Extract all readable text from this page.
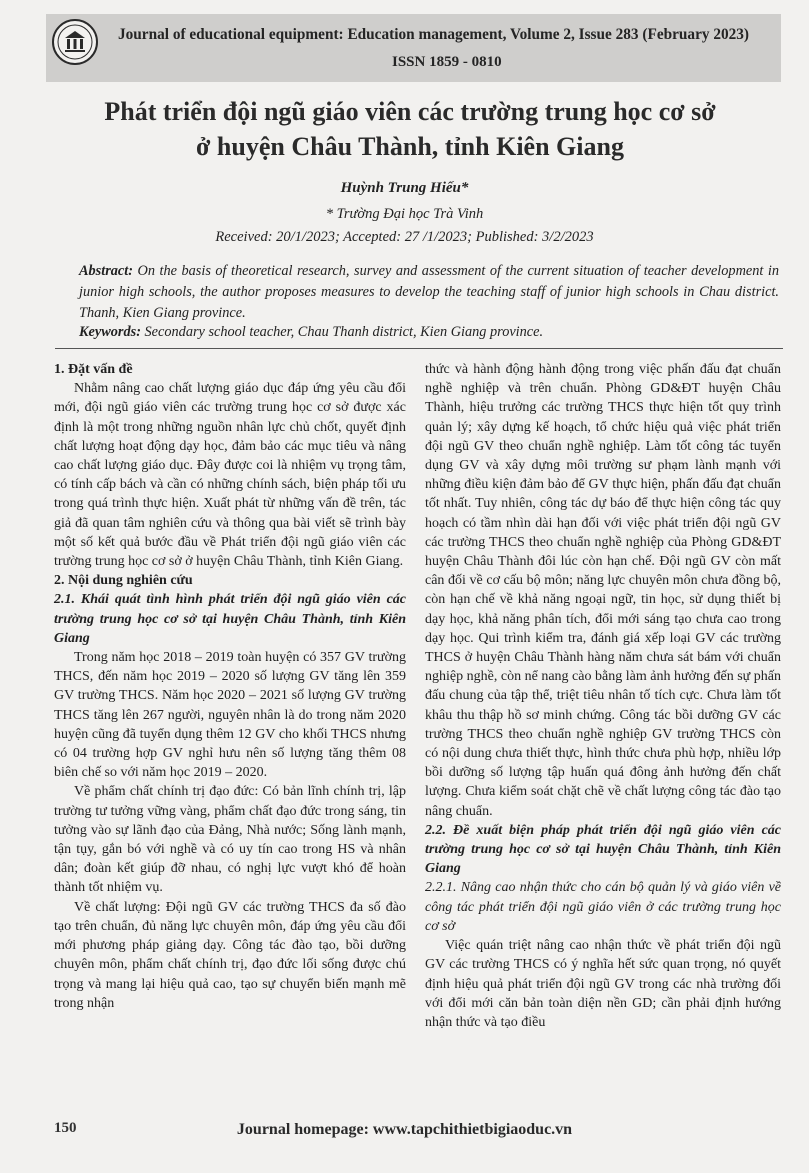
Journal of educational equipment: Education management, Volume 2, Issue 283 (February 2023)
ISSN 1859 - 0810
Phát triển đội ngũ giáo viên các trường trung học cơ sở
ở huyện Châu Thành, tỉnh Kiên Giang
Huỳnh Trung Hiếu*
* Trường Đại học Trà Vinh
Received: 20/1/2023; Accepted: 27 /1/2023; Published: 3/2/2023
Abstract: On the basis of theoretical research, survey and assessment of the current situation of teacher development in junior high schools, the author proposes measures to develop the teaching staff of junior high schools in Chau district. Thanh, Kien Giang province.
Keywords: Secondary school teacher, Chau Thanh district, Kien Giang province.

1. Đặt vấn đề

Nhằm nâng cao chất lượng giáo dục đáp ứng yêu cầu đổi mới, đội ngũ giáo viên các trường trung học cơ sở được xác định là một trong những nguồn nhân lực chủ chốt, quyết định chất lượng hoạt động dạy học, đảm bảo các mục tiêu và nâng cao chất lượng giáo dục. Đây được coi là nhiệm vụ trọng tâm, có tính cấp bách và cần có những chính sách, biện pháp tối ưu trong quá trình thực hiện. Xuất phát từ những vấn đề trên, tác giả đã quan tâm nghiên cứu và thông qua bài viết sẽ trình bày một số kết quả bước đầu về Phát triển đội ngũ giáo viên các trường trung học cơ sở ở huyện Châu Thành, tỉnh Kiên Giang.

2. Nội dung nghiên cứu

2.1. Khái quát tình hình phát triển đội ngũ giáo viên các trường trung học cơ sở tại huyện Châu Thành, tỉnh Kiên Giang

Trong năm học 2018 – 2019 toàn huyện có 357 GV trường THCS, đến năm học 2019 – 2020 số lượng GV tăng lên 359 GV trường THCS. Năm học 2020 – 2021 số lượng GV trường THCS tăng lên 267 người, nguyên nhân là do trong năm 2020 huyện cũng đã tuyển dụng thêm 12 GV cho khối THCS nhưng có 04 trường hợp GV nghỉ hưu nên số lượng tăng thêm 08 biên chế so với năm học 2019 – 2020.

Về phẩm chất chính trị đạo đức: Có bản lĩnh chính trị, lập trường tư tưởng vững vàng, phẩm chất đạo đức trong sáng, tin tưởng vào sự lãnh đạo của Đảng, Nhà nước; Sống lành mạnh, tận tụy, gắn bó với nghề và có uy tín cao trong HS và nhân dân; đoàn kết giúp đỡ nhau, có nghị lực vượt khó để hoàn thành tốt nhiệm vụ.

Về chất lượng: Đội ngũ GV các trường THCS đa số đào tạo trên chuẩn, đủ năng lực chuyên môn, đáp ứng yêu cầu đổi mới phương pháp giảng dạy. Công tác đào tạo, bồi dưỡng chuyên môn, phẩm chất chính trị, đạo đức lối sống được chú trọng và mang lại hiệu quả cao, tạo sự chuyển biến mạnh mẽ trong nhận

thức và hành động hành động trong việc phấn đấu đạt chuẩn nghề nghiệp và trên chuẩn. Phòng GD&ĐT huyện Châu Thành, hiệu trưởng các trường THCS thực hiện tốt quy trình quản lý; xây dựng kế hoạch, tổ chức hiệu quả việc phát triển đội ngũ GV theo chuẩn nghề nghiệp. Làm tốt công tác tuyển dụng GV và xây dựng môi trường sư phạm lành mạnh với những điều kiện đảm bảo để GV thực hiện, phấn đấu đạt chuẩn tốt nhất. Tuy nhiên, công tác dự báo để thực hiện công tác quy hoạch có tầm nhìn dài hạn đối với việc phát triển đội ngũ GV các trường THCS theo chuẩn nghề nghiệp của Phòng GD&ĐT huyện Châu Thành đôi lúc còn hạn chế. Đội ngũ GV còn mất cân đối về cơ cấu bộ môn; năng lực chuyên môn chưa đồng bộ, còn hạn chế về khả năng ngoại ngữ, tin học, sử dụng thiết bị dạy học, khả năng phân tích, đổi mới sáng tạo chưa cao trong dạy học. Qui trình kiểm tra, đánh giá xếp loại GV các trường THCS ở huyện Châu Thành hàng năm chưa sát bám với chuẩn nghiệp nghề, còn nể nang cào bằng làm ảnh hưởng đến sự phấn đấu chung của tập thể, triệt tiêu nhân tố tích cực. Chưa làm tốt khâu thu thập hồ sơ minh chứng. Công tác bồi dưỡng GV các trường THCS theo chuẩn nghề nghiệp GV trường THCS còn có nội dung chưa thiết thực, hình thức chưa phù hợp, nhiều lớp bồi dưỡng số lượng tập huấn quá đông ảnh hưởng đến chất lượng. Chưa kiểm soát chặt chẽ về chất lượng công tác đào tạo nâng chuẩn.

2.2. Đề xuất biện pháp phát triển đội ngũ giáo viên các trường trung học cơ sở tại huyện Châu Thành, tỉnh Kiên Giang

2.2.1. Nâng cao nhận thức cho cán bộ quản lý và giáo viên về công tác phát triển đội ngũ giáo viên ở các trường trung học cơ sở

Việc quán triệt nâng cao nhận thức về phát triển đội ngũ GV các trường THCS có ý nghĩa hết sức quan trọng, nó quyết định hiệu quả phát triển đội ngũ GV trong các nhà trường đối với đổi mới căn bản toàn diện nền GD; cần phải định hướng nhận thức và tạo điều

150	Journal homepage: www.tapchithietbigiaoduc.vn
